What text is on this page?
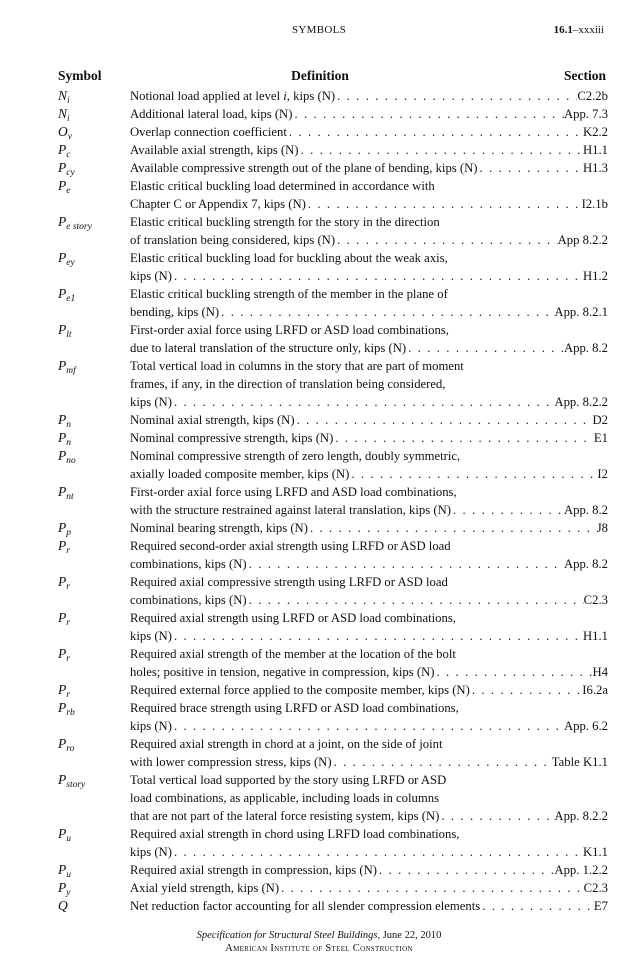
SYMBOLS	16.1–xxxiii
Symbol	Definition	Section
$N_i$	Notional load applied at level i, kips (N) . . .	C2.2b
$N_i$	Additional lateral load, kips (N) . . .	App. 7.3
$O_v$	Overlap connection coefficient . . .	K2.2
$P_c$	Available axial strength, kips (N) . . .	H1.1
$P_{cy}$	Available compressive strength out of the plane of bending, kips (N) . . .	H1.3
$P_e$	Elastic critical buckling load determined in accordance with
Chapter C or Appendix 7, kips (N) . . .	I2.1b
$P_{e story}$	Elastic critical buckling strength for the story in the direction
of translation being considered, kips (N) . . .	App 8.2.2
$P_{ey}$	Elastic critical buckling load for buckling about the weak axis,
kips (N) . . .	H1.2
$P_{e1}$	Elastic critical buckling strength of the member in the plane of
bending, kips (N) . . .	App. 8.2.1
$P_{lt}$	First-order axial force using LRFD or ASD load combinations,
due to lateral translation of the structure only, kips (N) . . .	App. 8.2
$P_{mf}$	Total vertical load in columns in the story that are part of moment
frames, if any, in the direction of translation being considered,
kips (N) . . .	App. 8.2.2
$P_n$	Nominal axial strength, kips (N) . . .	D2
$P_n$	Nominal compressive strength, kips (N) . . .	E1
$P_{no}$	Nominal compressive strength of zero length, doubly symmetric,
axially loaded composite member, kips (N) . . .	I2
$P_{nt}$	First-order axial force using LRFD and ASD load combinations,
with the structure restrained against lateral translation, kips (N) . . .	App. 8.2
$P_p$	Nominal bearing strength, kips (N) . . .	J8
$P_r$	Required second-order axial strength using LRFD or ASD load
combinations, kips (N) . . .	App. 8.2
$P_r$	Required axial compressive strength using LRFD or ASD load
combinations, kips (N) . . .	C2.3
$P_r$	Required axial strength using LRFD or ASD load combinations,
kips (N) . . .	H1.1
$P_r$	Required axial strength of the member at the location of the bolt
holes; positive in tension, negative in compression, kips (N) . . .	H4
$P_r$	Required external force applied to the composite member, kips (N) . . .	I6.2a
$P_{rb}$	Required brace strength using LRFD or ASD load combinations,
kips (N) . . .	App. 6.2
$P_{ro}$	Required axial strength in chord at a joint, on the side of joint
with lower compression stress, kips (N) . . .	Table K1.1
$P_{story}$	Total vertical load supported by the story using LRFD or ASD
load combinations, as applicable, including loads in columns
that are not part of the lateral force resisting system, kips (N) . . .	App. 8.2.2
$P_u$	Required axial strength in chord using LRFD load combinations,
kips (N) . . .	K1.1
$P_u$	Required axial strength in compression, kips (N) . . .	App. 1.2.2
$P_y$	Axial yield strength, kips (N) . . .	C2.3
Q	Net reduction factor accounting for all slender compression elements . . .	E7
Specification for Structural Steel Buildings, June 22, 2010
American Institute of Steel Construction
